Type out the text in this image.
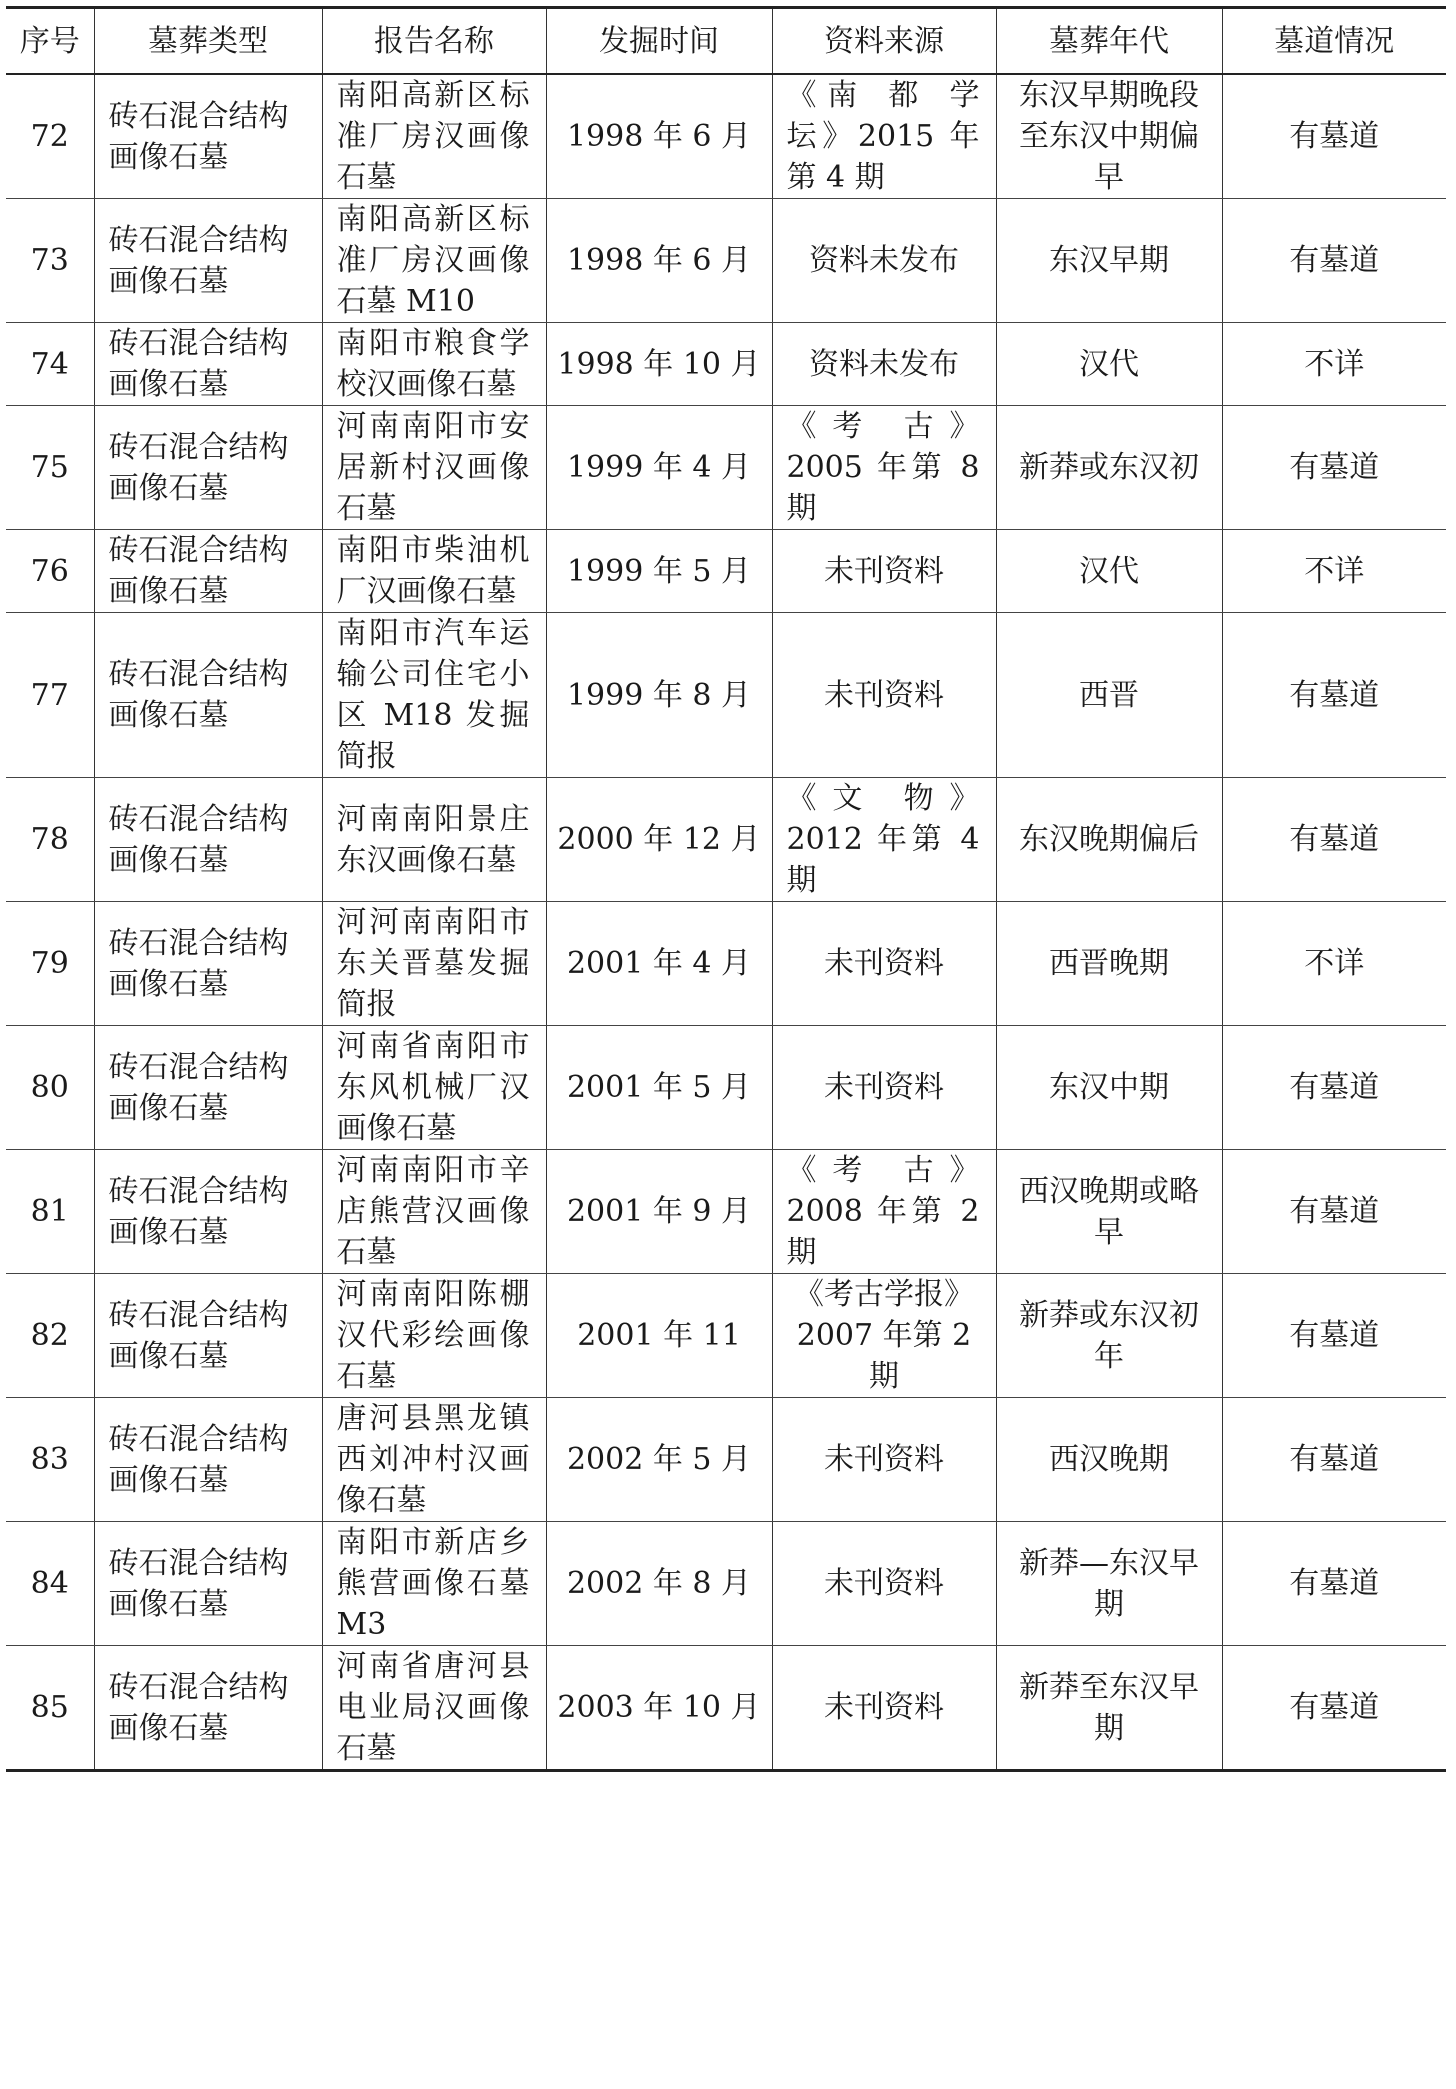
序号	墓葬类型	报告名称	发掘时间	资料来源	墓葬年代	墓道情况
72	砖石混合结构画像石墓	南阳高新区标准厂房汉画像石墓	1998 年 6 月	《南 都 学 坛》2015 年第 4 期	东汉早期晚段至东汉中期偏早	有墓道
73	砖石混合结构画像石墓	南阳高新区标准厂房汉画像石墓 M10	1998 年 6 月	资料未发布	东汉早期	有墓道
74	砖石混合结构画像石墓	南阳市粮食学校汉画像石墓	1998 年 10 月	资料未发布	汉代	不详
75	砖石混合结构画像石墓	河南南阳市安居新村汉画像石墓	1999 年 4 月	《考 古》 2005 年第 8 期	新莽或东汉初	有墓道
76	砖石混合结构画像石墓	南阳市柴油机厂汉画像石墓	1999 年 5 月	未刊资料	汉代	不详
77	砖石混合结构画像石墓	南阳市汽车运输公司住宅小区 M18 发掘简报	1999 年 8 月	未刊资料	西晋	有墓道
78	砖石混合结构画像石墓	河南南阳景庄东汉画像石墓	2000 年 12 月	《文 物》 2012 年第 4 期	东汉晚期偏后	有墓道
79	砖石混合结构画像石墓	河河南南阳市东关晋墓发掘简报	2001 年 4 月	未刊资料	西晋晚期	不详
80	砖石混合结构画像石墓	河南省南阳市东风机械厂汉画像石墓	2001 年 5 月	未刊资料	东汉中期	有墓道
81	砖石混合结构画像石墓	河南南阳市辛店熊营汉画像石墓	2001 年 9 月	《考 古》 2008 年第 2 期	西汉晚期或略早	有墓道
82	砖石混合结构画像石墓	河南南阳陈棚汉代彩绘画像石墓	2001 年 11	《考古学报》2007 年第 2 期	新莽或东汉初年	有墓道
83	砖石混合结构画像石墓	唐河县黑龙镇西刘冲村汉画像石墓	2002 年 5 月	未刊资料	西汉晚期	有墓道
84	砖石混合结构画像石墓	南阳市新店乡熊营画像石墓 M3	2002 年 8 月	未刊资料	新莽—东汉早期	有墓道
85	砖石混合结构画像石墓	河南省唐河县电业局汉画像石墓	2003 年 10 月	未刊资料	新莽至东汉早期	有墓道
